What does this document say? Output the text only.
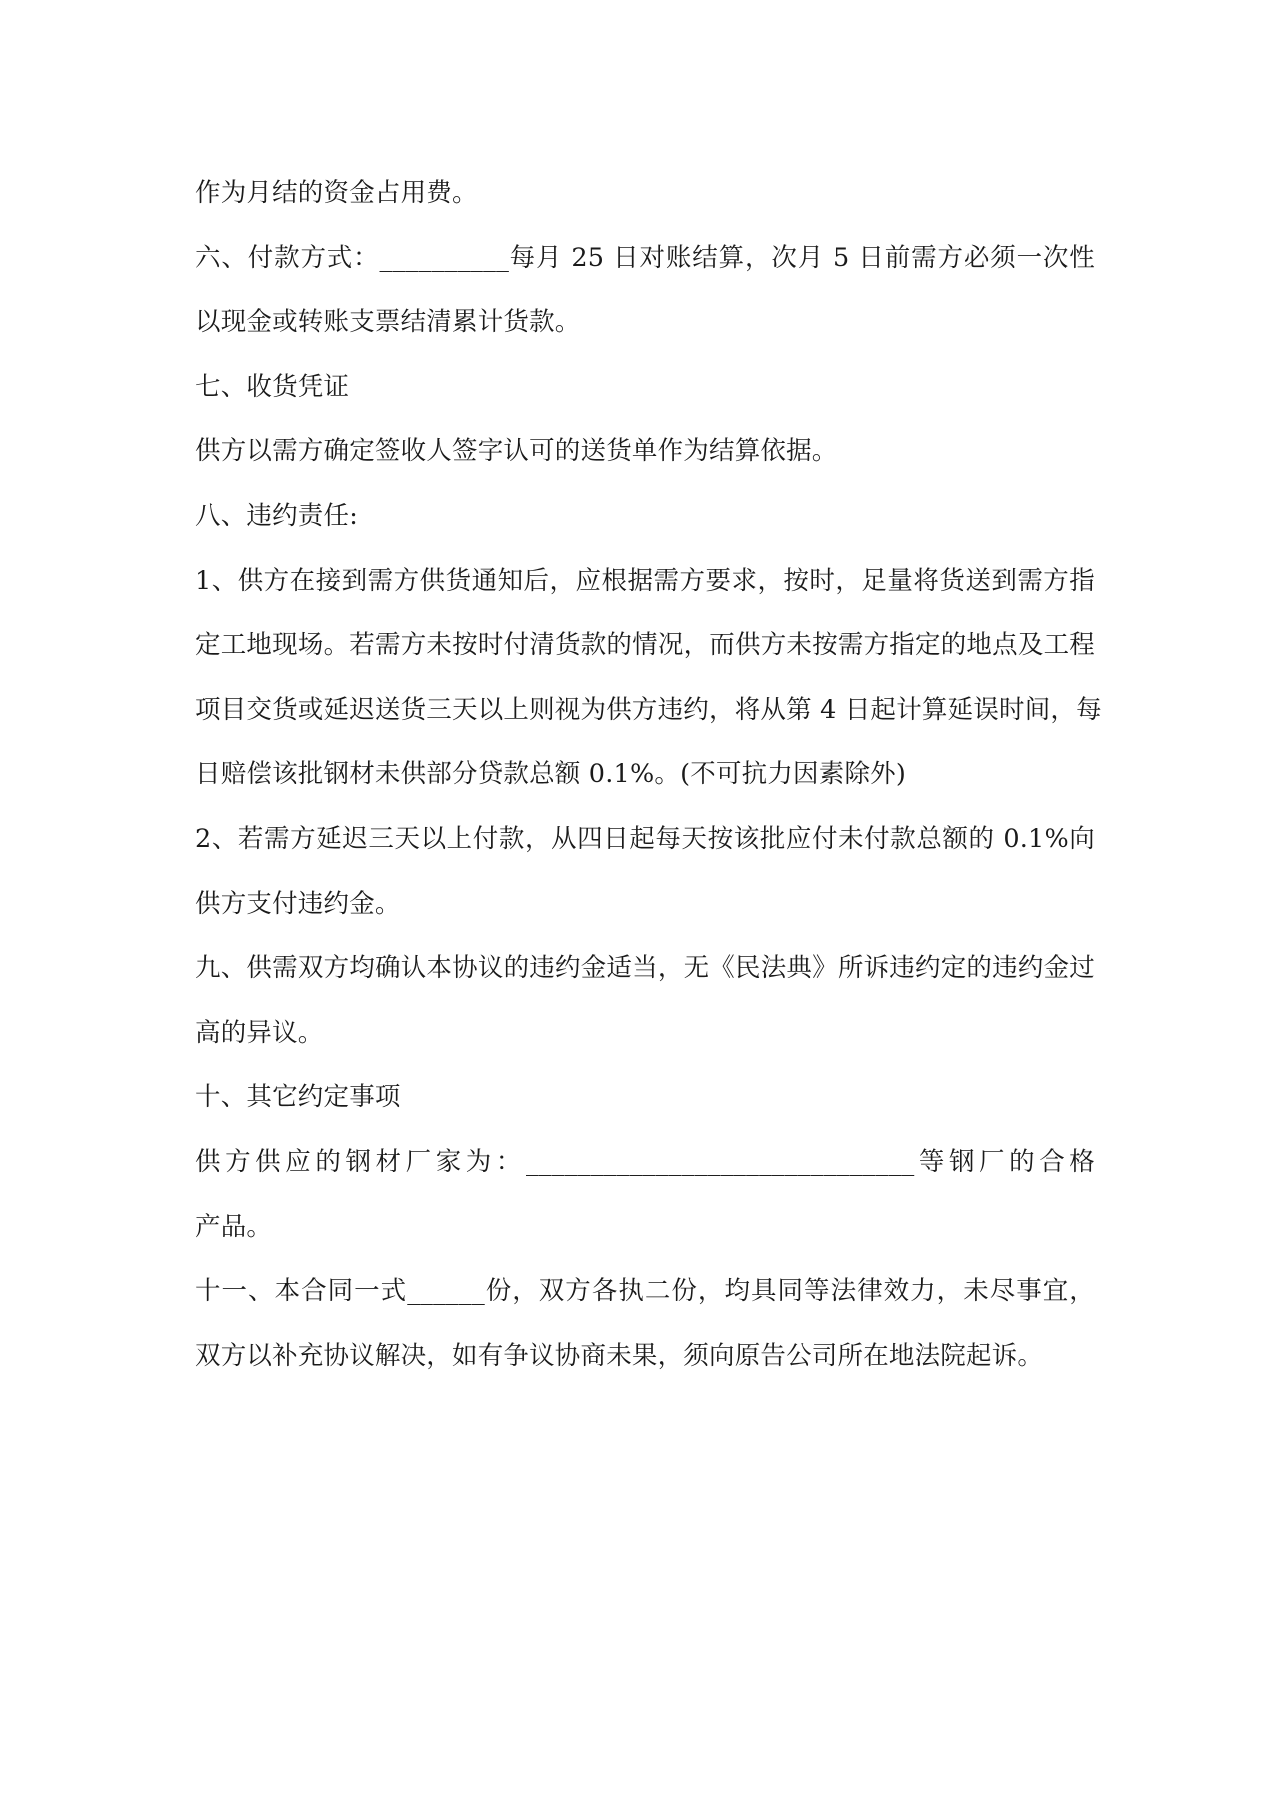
作为月结的资金占用费。
六、付款方式：__________每月 25 日对账结算，次月 5 日前需方必须一次性
以现金或转账支票结清累计货款。
七、收货凭证
供方以需方确定签收人签字认可的送货单作为结算依据。
八、违约责任:
1、供方在接到需方供货通知后，应根据需方要求，按时，足量将货送到需方指
定工地现场。若需方未按时付清货款的情况，而供方未按需方指定的地点及工程
项目交货或延迟送货三天以上则视为供方违约，将从第 4 日起计算延误时间，每
日赔偿该批钢材未供部分贷款总额 0.1%。(不可抗力因素除外)
2、若需方延迟三天以上付款，从四日起每天按该批应付未付款总额的 0.1%向
供方支付违约金。
九、供需双方均确认本协议的违约金适当，无《民法典》所诉违约定的违约金过
高的异议。
十、其它约定事项
供方供应的钢材厂家为：______________________________等钢厂的合格
产品。
十一、本合同一式______份，双方各执二份，均具同等法律效力，未尽事宜，
双方以补充协议解决，如有争议协商未果，须向原告公司所在地法院起诉。
